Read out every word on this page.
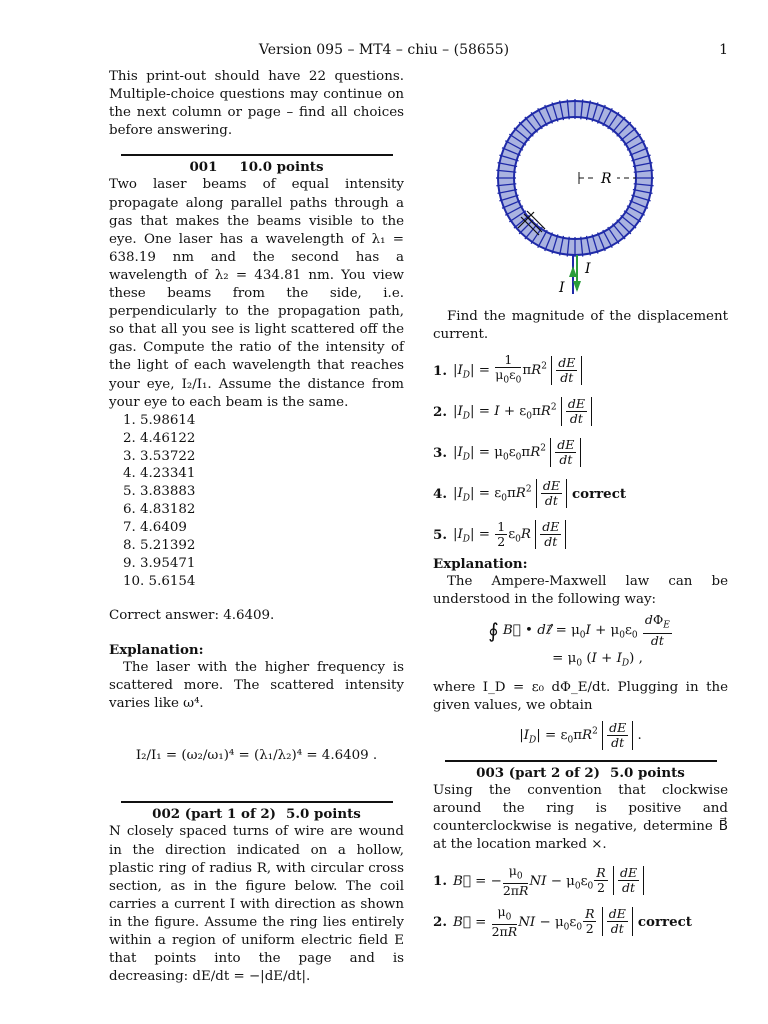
Version 095 – MT4 – chiu – (58655)	1

This print-out should have 22 questions. Multiple-choice questions may continue on the next column or page – find all choices before answering.

001 10.0 points

Two laser beams of equal intensity propagate along parallel paths through a gas that makes the beams visible to the eye. One laser has a wavelength of λ₁ = 638.19 nm and the second has a wavelength of λ₂ = 434.81 nm. You view these beams from the side, i.e. perpendicularly to the propagation path, so that all you see is light scattered off the gas. Compute the ratio of the intensity of the light of each wavelength that reaches your eye, I₂/I₁. Assume the distance from your eye to each beam is the same.

1. 5.98614
2. 4.46122
3. 3.53722
4. 4.23341
5. 3.83883
6. 4.83182
7. 4.6409
8. 5.21392
9. 3.95471
10. 5.6154

Correct answer: 4.6409.

Explanation:

The laser with the higher frequency is scattered more. The scattered intensity varies like ω⁴.

I₂/I₁ = (ω₂/ω₁)⁴ = (λ₁/λ₂)⁴ = 4.6409 .

002 (part 1 of 2) 5.0 points

N closely spaced turns of wire are wound in the direction indicated on a hollow, plastic ring of radius R, with circular cross section, as in the figure below. The coil carries a current I with direction as shown in the figure. Assume the ring lies entirely within a region of uniform electric field E that points into the page and is decreasing: dE/dt = −|dE/dt|.

R
I
I

Find the magnitude of the displacement current.

1. $|I_D| = \frac{1}{\mu_0\varepsilon_0} \pi R^2 \frac{dE}{dt}$
2. $|I_D| = I + \varepsilon_0\pi R^2 \frac{dE}{dt}$
3. $|I_D| = \mu_0\varepsilon_0\pi R^2 \frac{dE}{dt}$
4. $|I_D| = \varepsilon_0\pi R^2 \frac{dE}{dt}$ correct
5. $|I_D| = \frac{1}{2} \varepsilon_0R \frac{dE}{dt}$

Explanation:

The Ampere-Maxwell law can be understood in the following way:

∮ B⃗ • dℓ⃗ = $\mu_0I + \mu_0\varepsilon_0 \frac{d\Phi_E}{dt}$
= $\mu_0$ $(I + I_D)$ ,

where I_D = ε₀ dΦ_E/dt. Plugging in the given values, we obtain

$|I_D| = \varepsilon_0\pi R^2 \frac{dE}{dt}$ .
003 (part 2 of 2) 5.0 points

Using the convention that clockwise around the ring is positive and counterclockwise is negative, determine B⃗ at the location marked ×.

1. B⃗ = − $\frac{\mu_0}{2\pi R}$ NI − $\mu_0\varepsilon_0 \frac{R}{2}$
$\frac{dE}{dt}$
2. B⃗ = $\frac{\mu_0}{2\pi R}$ NI − $\mu_0\varepsilon_0 \frac{R}{2}$
$\frac{dE}{dt}$ correct
